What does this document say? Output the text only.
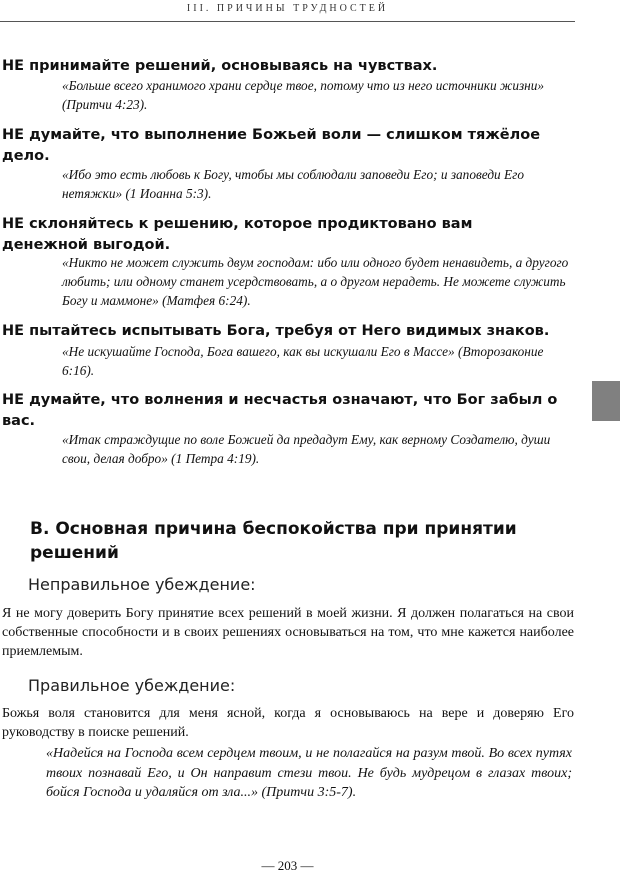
III. ПРИЧИНЫ ТРУДНОСТЕЙ
НЕ принимайте решений, основываясь на чувствах.
«Больше всего хранимого храни сердце твое, потому что из него источники жизни» (Притчи 4:23).
НЕ думайте, что выполнение Божьей воли — слишком тяжёлое дело.
«Ибо это есть любовь к Богу, чтобы мы соблюдали заповеди Его; и заповеди Его нетяжки» (1 Иоанна 5:3).
НЕ склоняйтесь к решению, которое продиктовано вам денежной выгодой.
«Никто не может служить двум господам: ибо или одного будет ненавидеть, а другого любить; или одному станет усердствовать, а о другом нерадеть. Не можете служить Богу и маммоне» (Матфея 6:24).
НЕ пытайтесь испытывать Бога, требуя от Него видимых знаков.
«Не искушайте Господа, Бога вашего, как вы искушали Его в Массе» (Второзаконие 6:16).
НЕ думайте, что волнения и несчастья означают, что Бог забыл о вас.
«Итак страждущие по воле Божией да предадут Ему, как верному Создателю, души свои, делая добро» (1 Петра 4:19).
B. Основная причина беспокойства при принятии решений
Неправильное убеждение:
Я не могу доверить Богу принятие всех решений в моей жизни. Я должен полагаться на свои собственные способности и в своих решениях основываться на том, что мне кажется наиболее приемлемым.
Правильное убеждение:
Божья воля становится для меня ясной, когда я основываюсь на вере и доверяю Его руководству в поиске решений.
«Надейся на Господа всем сердцем твоим, и не полагайся на разум твой. Во всех путях твоих познавай Его, и Он направит стези твои. Не будь мудрецом в глазах твоих; бойся Господа и удаляйся от зла...» (Притчи 3:5-7).
— 203 —
